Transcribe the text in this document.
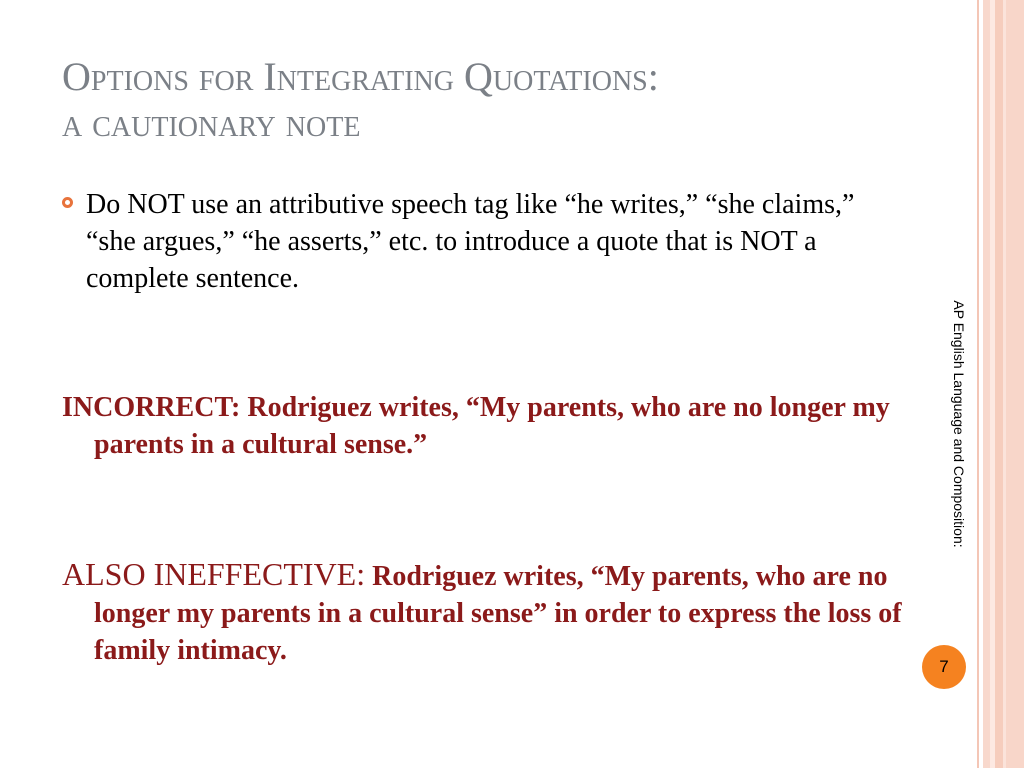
Options for Integrating Quotations:
a cautionary note
Do NOT use an attributive speech tag like “he writes,” “she claims,” “she argues,” “he asserts,” etc. to introduce a quote that is NOT a complete sentence.
INCORRECT: Rodriguez writes, “My parents, who are no longer my parents in a cultural sense.”
ALSO INEFFECTIVE: Rodriguez writes, “My parents, who are no longer my parents in a cultural sense” in order to express the loss of family intimacy.
AP English Language and Composition:
7
